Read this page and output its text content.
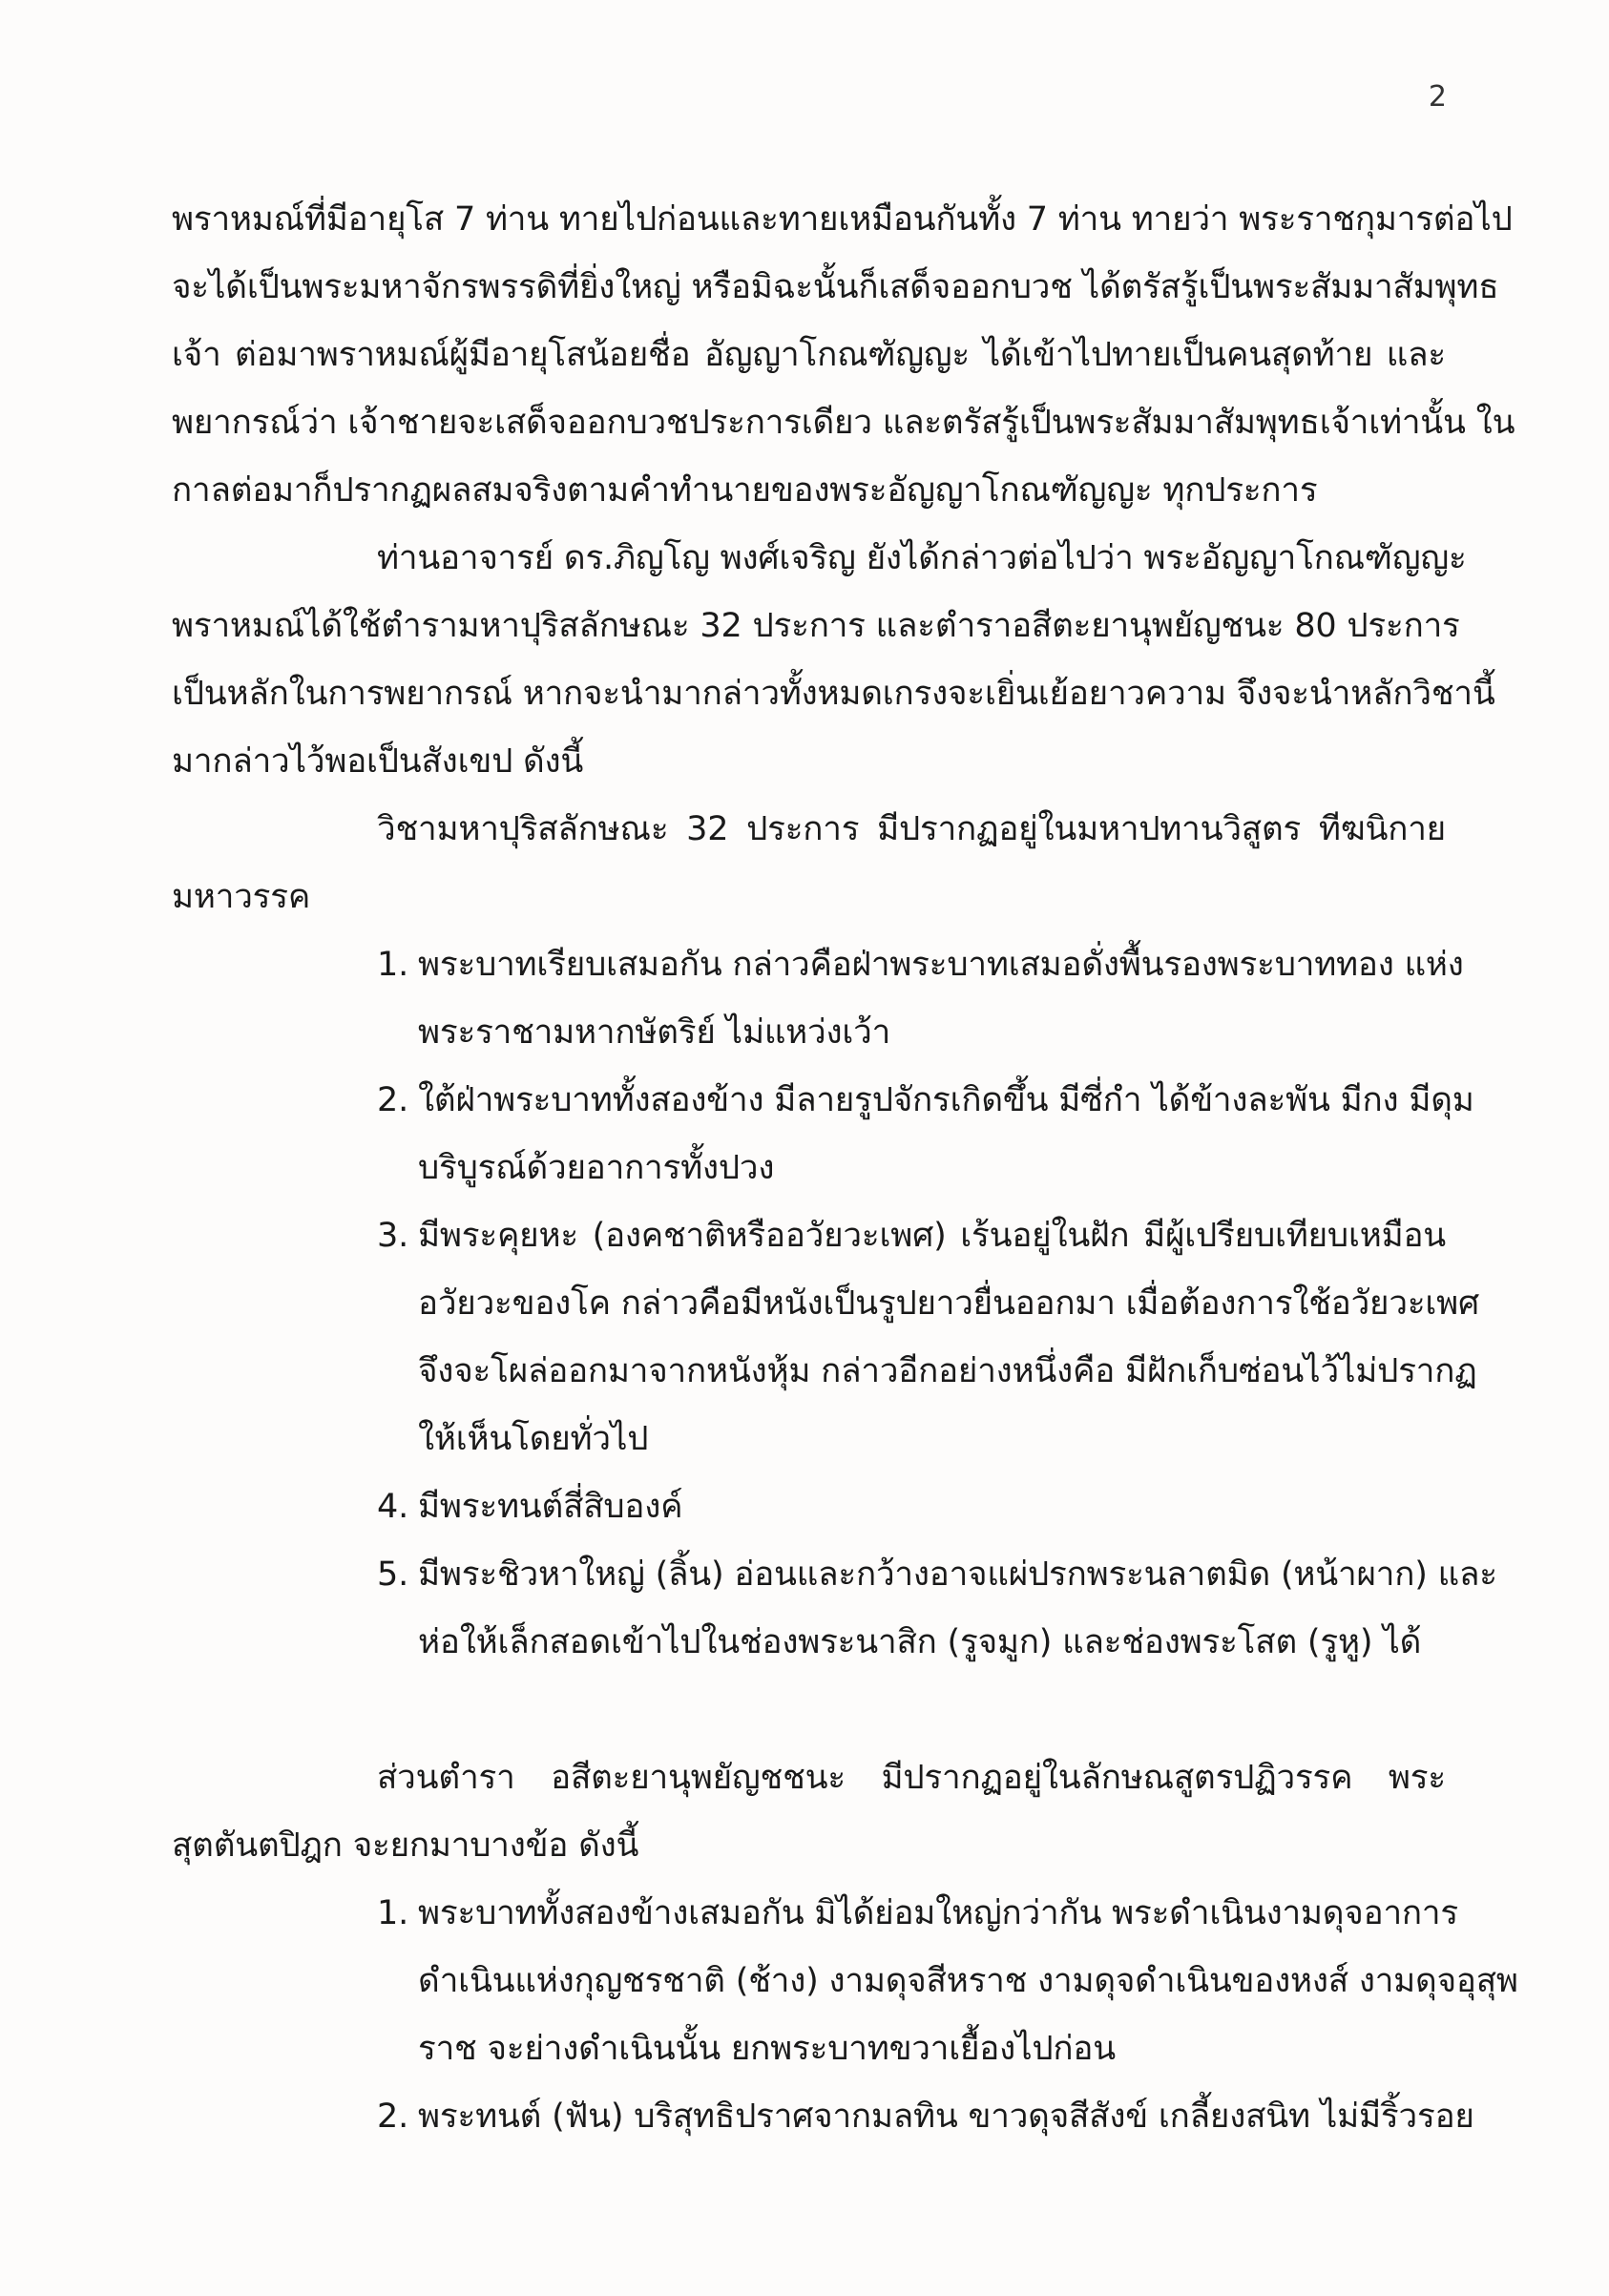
2
พราหมณ์ที่มีอายุโส 7 ท่าน ทายไปก่อนและทายเหมือนกันทั้ง 7 ท่าน ทายว่า พระราชกุมารต่อไป
จะได้เป็นพระมหาจักรพรรดิที่ยิ่งใหญ่ หรือมิฉะนั้นก็เสด็จออกบวช ได้ตรัสรู้เป็นพระสัมมาสัมพุทธ
เจ้า ต่อมาพราหมณ์ผู้มีอายุโสน้อยชื่อ อัญญาโกณฑัญญะ ได้เข้าไปทายเป็นคนสุดท้าย และ
พยากรณ์ว่า เจ้าชายจะเสด็จออกบวชประการเดียว และตรัสรู้เป็นพระสัมมาสัมพุทธเจ้าเท่านั้น ใน
กาลต่อมาก็ปรากฏผลสมจริงตามคำทำนายของพระอัญญาโกณฑัญญะ ทุกประการ
ท่านอาจารย์ ดร.ภิญโญ พงศ์เจริญ ยังได้กล่าวต่อไปว่า พระอัญญาโกณฑัญญะ
พราหมณ์ได้ใช้ตำรามหาปุริสลักษณะ 32 ประการ และตำราอสีตะยานุพยัญชนะ 80 ประการ
เป็นหลักในการพยากรณ์ หากจะนำมากล่าวทั้งหมดเกรงจะเยิ่นเย้อยาวความ จึงจะนำหลักวิชานี้
มากล่าวไว้พอเป็นสังเขป ดังนี้
วิชามหาปุริสลักษณะ 32 ประการ มีปรากฏอยู่ในมหาปทานวิสูตร ทีฆนิกาย
มหาวรรค
1. พระบาทเรียบเสมอกัน กล่าวคือฝ่าพระบาทเสมอดั่งพื้นรองพระบาททอง แห่ง
พระราชามหากษัตริย์ ไม่แหว่งเว้า
2. ใต้ฝ่าพระบาททั้งสองข้าง มีลายรูปจักรเกิดขึ้น มีซี่กำ ได้ข้างละพัน มีกง มีดุม
บริบูรณ์ด้วยอาการทั้งปวง
3. มีพระคุยหะ (องคชาติหรืออวัยวะเพศ) เร้นอยู่ในฝัก มีผู้เปรียบเทียบเหมือน
อวัยวะของโค กล่าวคือมีหนังเป็นรูปยาวยื่นออกมา เมื่อต้องการใช้อวัยวะเพศ
จึงจะโผล่ออกมาจากหนังหุ้ม กล่าวอีกอย่างหนึ่งคือ มีฝักเก็บซ่อนไว้ไม่ปรากฏ
ให้เห็นโดยทั่วไป
4. มีพระทนต์สี่สิบองค์
5. มีพระชิวหาใหญ่ (ลิ้น) อ่อนและกว้างอาจแผ่ปรกพระนลาตมิด (หน้าผาก) และ
ห่อให้เล็กสอดเข้าไปในช่องพระนาสิก (รูจมูก) และช่องพระโสต (รูหู) ได้
ส่วนตำรา อสีตะยานุพยัญชชนะ มีปรากฏอยู่ในลักษณสูตรปฏิวรรค พระ
สุตตันตปิฎก จะยกมาบางข้อ ดังนี้
1. พระบาททั้งสองข้างเสมอกัน มิได้ย่อมใหญ่กว่ากัน พระดำเนินงามดุจอาการ
ดำเนินแห่งกุญชรชาติ (ช้าง) งามดุจสีหราช งามดุจดำเนินของหงส์ งามดุจอุสุพ
ราช จะย่างดำเนินนั้น ยกพระบาทขวาเยื้องไปก่อน
2. พระทนต์ (ฟัน) บริสุทธิปราศจากมลทิน ขาวดุจสีสังข์ เกลี้ยงสนิท ไม่มีริ้วรอย
